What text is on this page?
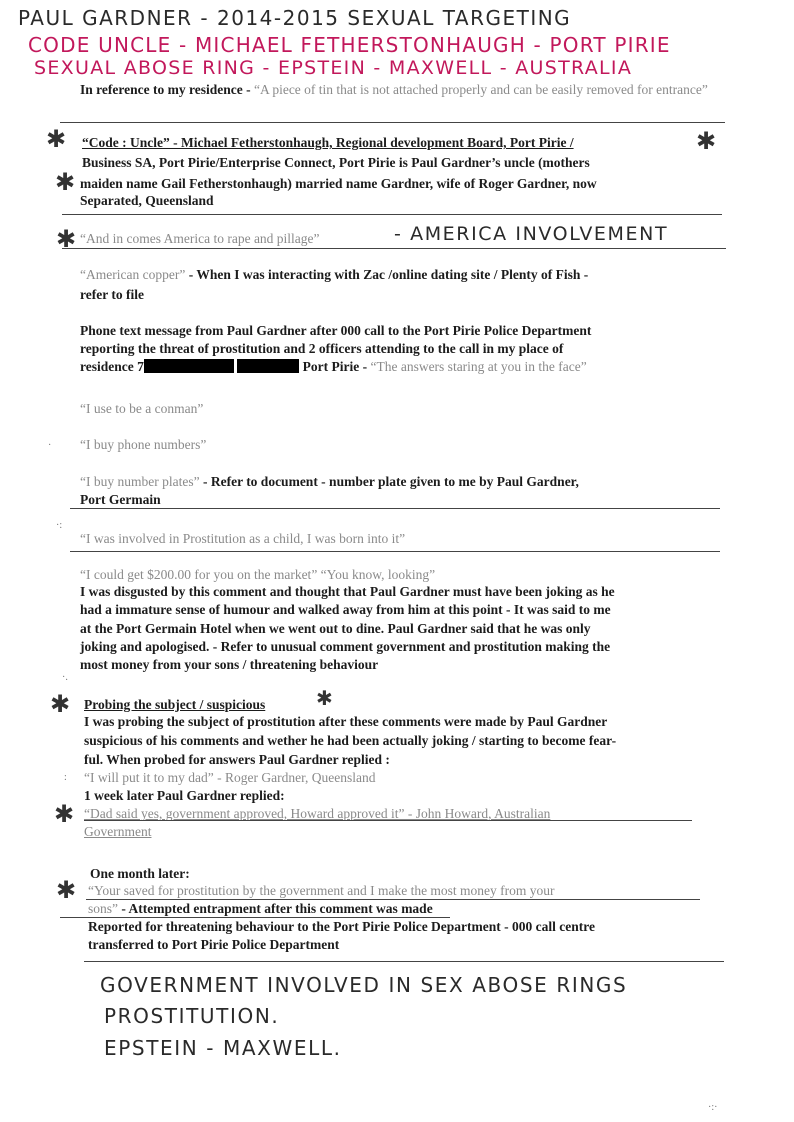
PAUL GARDNER - 2014-2015 SEXUAL TARGETING
CODE UNCLE - MICHAEL FETHERSTONHAUGH - PORT PIRIE
SEXUAL ABOSE RING - EPSTEIN - MAXWELL - AUSTRALIA
In reference to my residence - “A piece of tin that is not attached properly and can be easily removed for entrance”
✱	✱
“Code : Uncle” - Michael Fetherstonhaugh, Regional development Board, Port Pirie /
Business SA, Port Pirie/Enterprise Connect, Port Pirie is Paul Gardner’s uncle (mothers
✱ maiden name Gail Fetherstonhaugh) married name Gardner, wife of Roger Gardner, now
Separated, Queensland
✱ “And in comes America to rape and pillage”	- AMERICA INVOLVEMENT
“American copper” - When I was interacting with Zac /online dating site / Plenty of Fish -
refer to file
Phone text message from Paul Gardner after 000 call to the Port Pirie Police Department
reporting the threat of prostitution and 2 officers attending to the call in my place of
residence 7	Port Pirie - “The answers staring at you in the face”
“I use to be a conman”
· “I buy phone numbers”
“I buy number plates” - Refer to document - number plate given to me by Paul Gardner,
Port Germain
·:
“I was involved in Prostitution as a child, I was born into it”
“I could get $200.00 for you on the market” “You know, looking”
I was disgusted by this comment and thought that Paul Gardner must have been joking as he
had a immature sense of humour and walked away from him at this point - It was said to me
at the Port Germain Hotel when we went out to dine. Paul Gardner said that he was only
joking and apologised. - Refer to unusual comment government and prostitution making the
most money from your sons / threatening behaviour
·.
✱ Probing the subject / suspicious	✱
I was probing the subject of prostitution after these comments were made by Paul Gardner
suspicious of his comments and wether he had been actually joking / starting to become fear-
ful. When probed for answers Paul Gardner replied :
“I will put it to my dad” - Roger Gardner, Queensland
:
1 week later Paul Gardner replied:
✱ “Dad said yes, government approved, Howard approved it” - John Howard, Australian
Government
One month later:
✱ “Your saved for prostitution by the government and I make the most money from your
sons” - Attempted entrapment after this comment was made
Reported for threatening behaviour to the Port Pirie Police Department - 000 call centre
transferred to Port Pirie Police Department
GOVERNMENT INVOLVED IN SEX ABOSE RINGS
PROSTITUTION.
EPSTEIN - MAXWELL.
·:·
